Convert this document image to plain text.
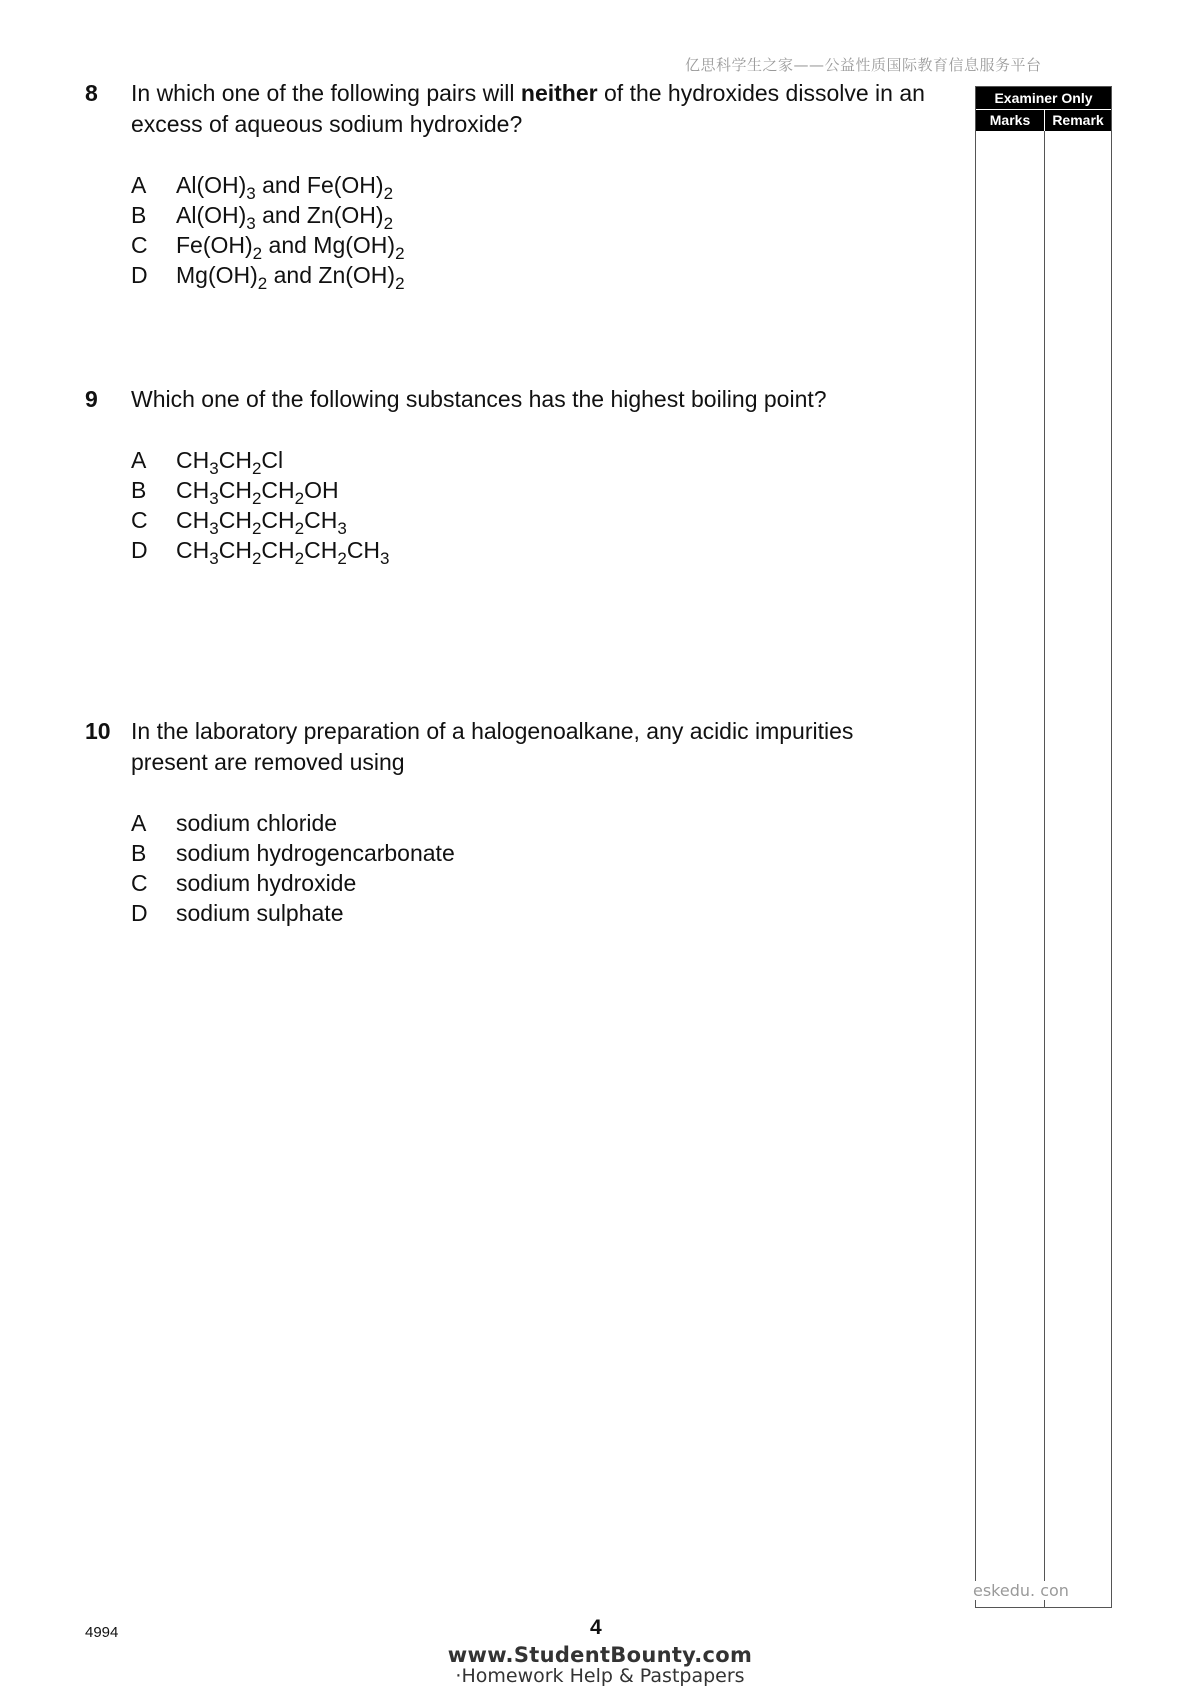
亿思科学生之家——公益性质国际教育信息服务平台
8 In which one of the following pairs will neither of the hydroxides dissolve in an excess of aqueous sodium hydroxide?
A	$Al(OH)_3$ and $Fe(OH)_2$
B	$Al(OH)_3$ and $Zn(OH)_2$
C	$Fe(OH)_2$ and $Mg(OH)_2$
D	$Mg(OH)_2$ and $Zn(OH)_2$
9 Which one of the following substances has the highest boiling point?
A	$CH_3CH_2Cl$
B	$CH_3CH_2CH_2OH$
C	$CH_3CH_2CH_2CH_3$
D	$CH_3CH_2CH_2CH_2CH_3$
10 In the laboratory preparation of a halogenoalkane, any acidic impurities present are removed using
A	sodium chloride
B	sodium hydrogencarbonate
C	sodium hydroxide
D	sodium sulphate
Examiner Only
Marks	Remark
eskedu. con
4994	4
www.StudentBounty.com
·Homework Help & Pastpapers
